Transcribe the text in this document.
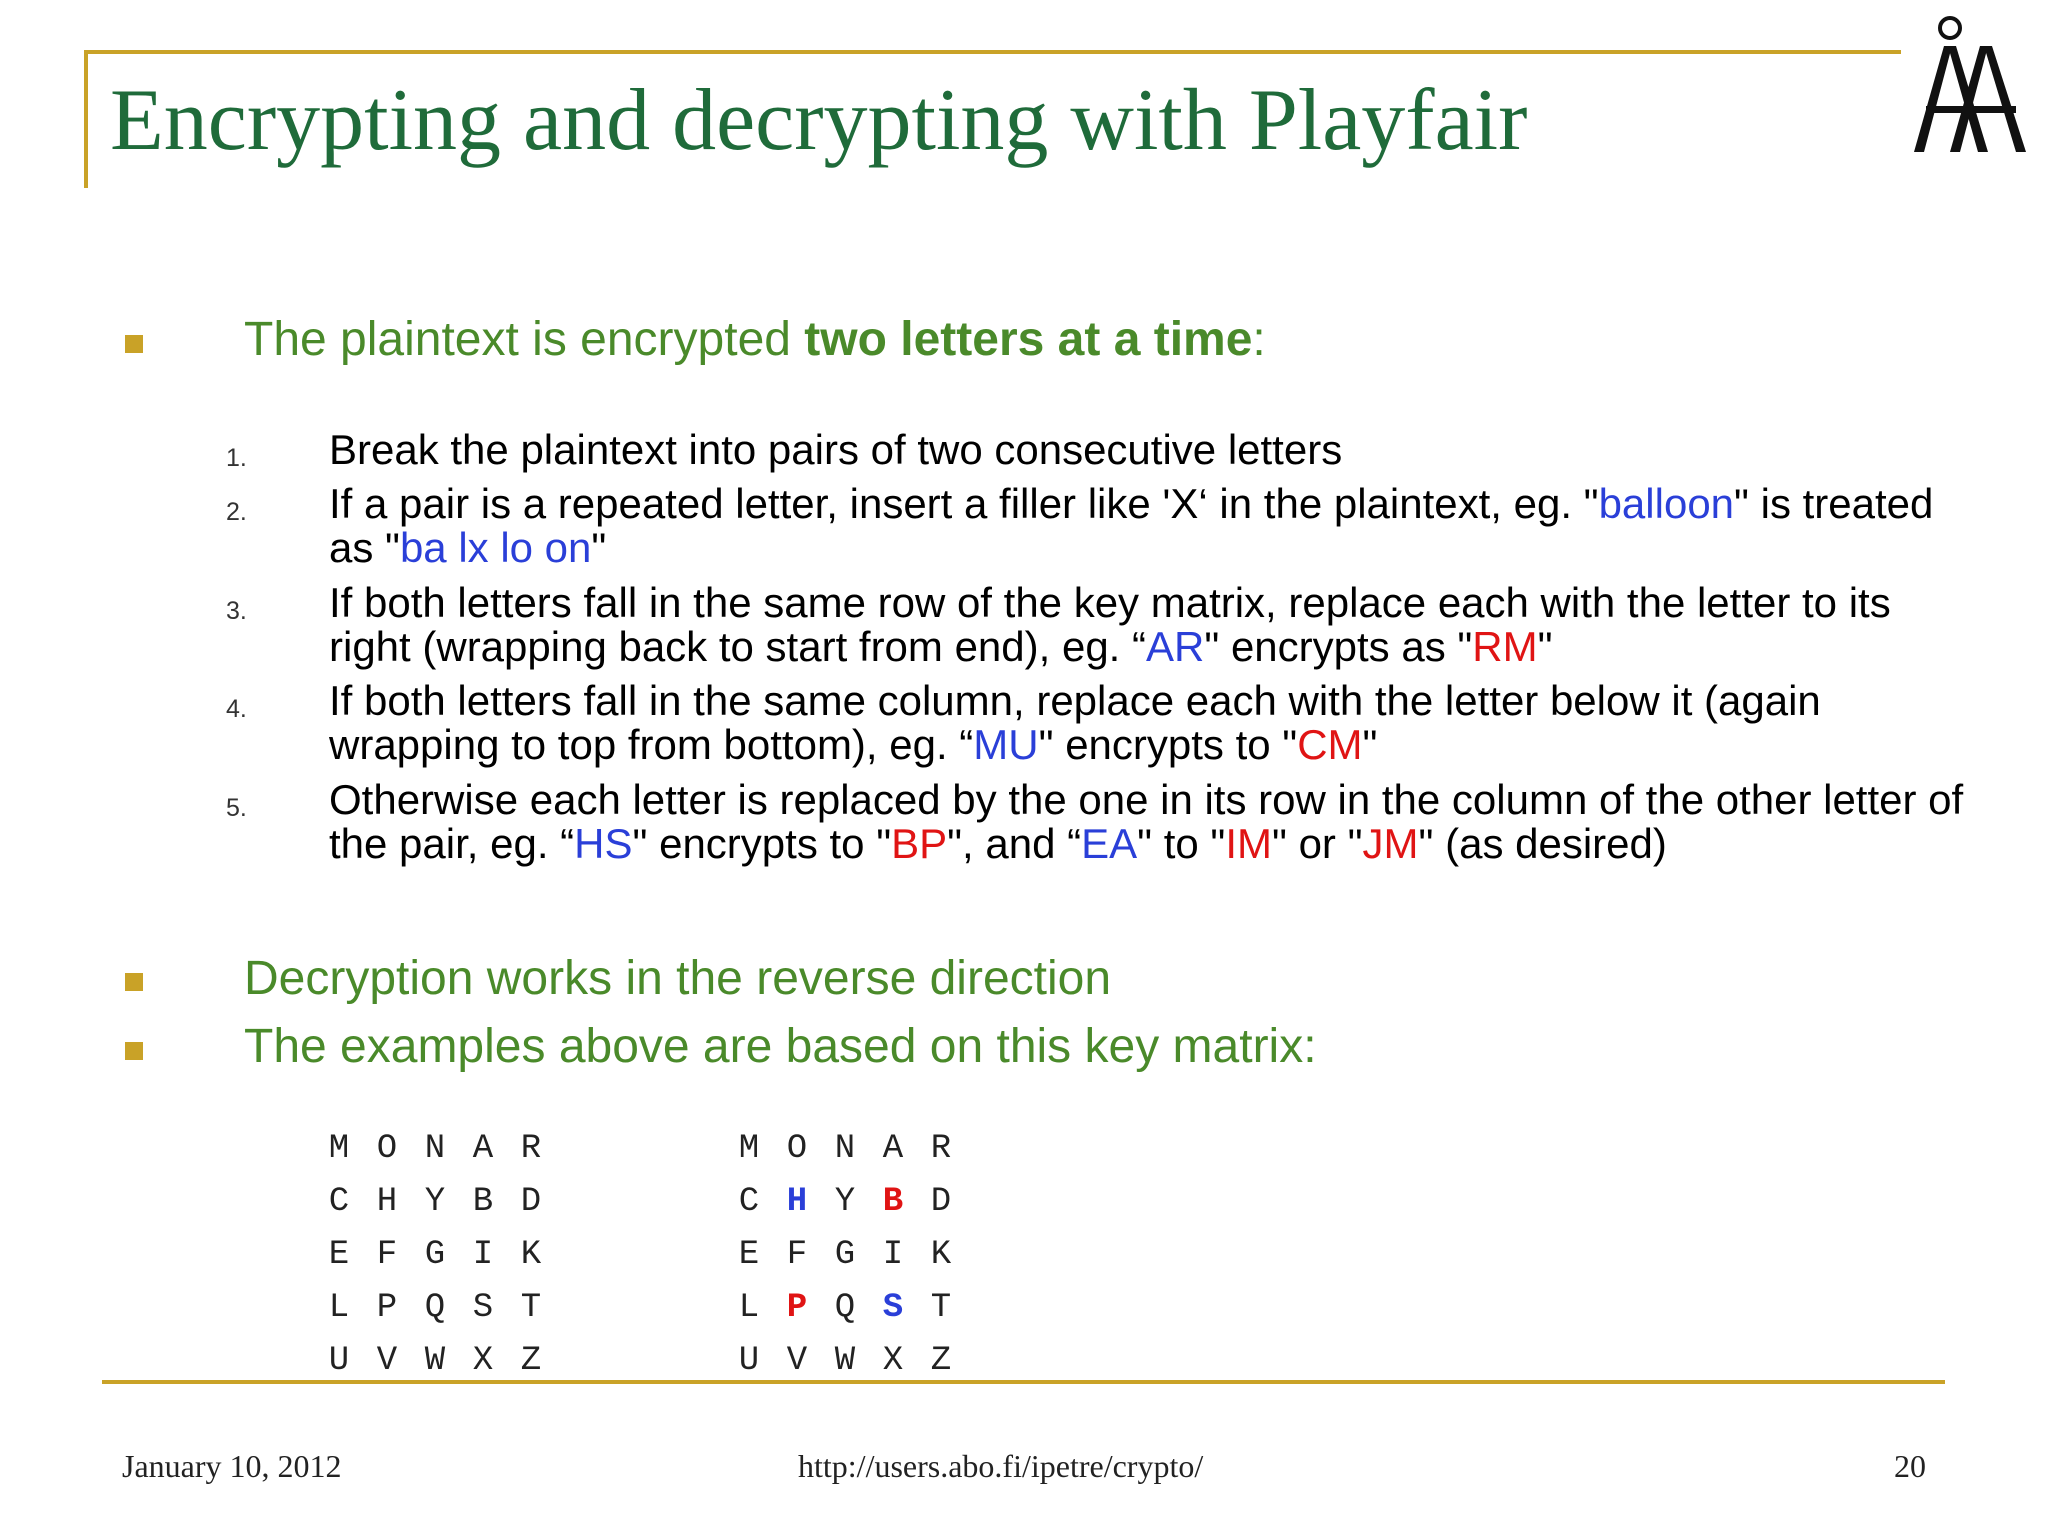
Encrypting and decrypting with Playfair
The plaintext is encrypted two letters at a time:
1. Break the plaintext into pairs of two consecutive letters
2. If a pair is a repeated letter, insert a filler like 'X‘ in the plaintext, eg. "balloon" is treated as "ba lx lo on"
3. If both letters fall in the same row of the key matrix, replace each with the letter to its right (wrapping back to start from end), eg. “AR" encrypts as "RM"
4. If both letters fall in the same column, replace each with the letter below it (again wrapping to top from bottom), eg. “MU" encrypts to "CM"
5. Otherwise each letter is replaced by the one in its row in the column of the other letter of the pair, eg. “HS" encrypts to "BP", and “EA" to "IM" or "JM" (as desired)
Decryption works in the reverse direction
The examples above are based on this key matrix:
M O N A R
C H Y B D
E F G I K
L P Q S T
U V W X Z
M O N A R
C H Y B D
E F G I K
L P Q S T
U V W X Z
January 10, 2012	http://users.abo.fi/ipetre/crypto/	20
